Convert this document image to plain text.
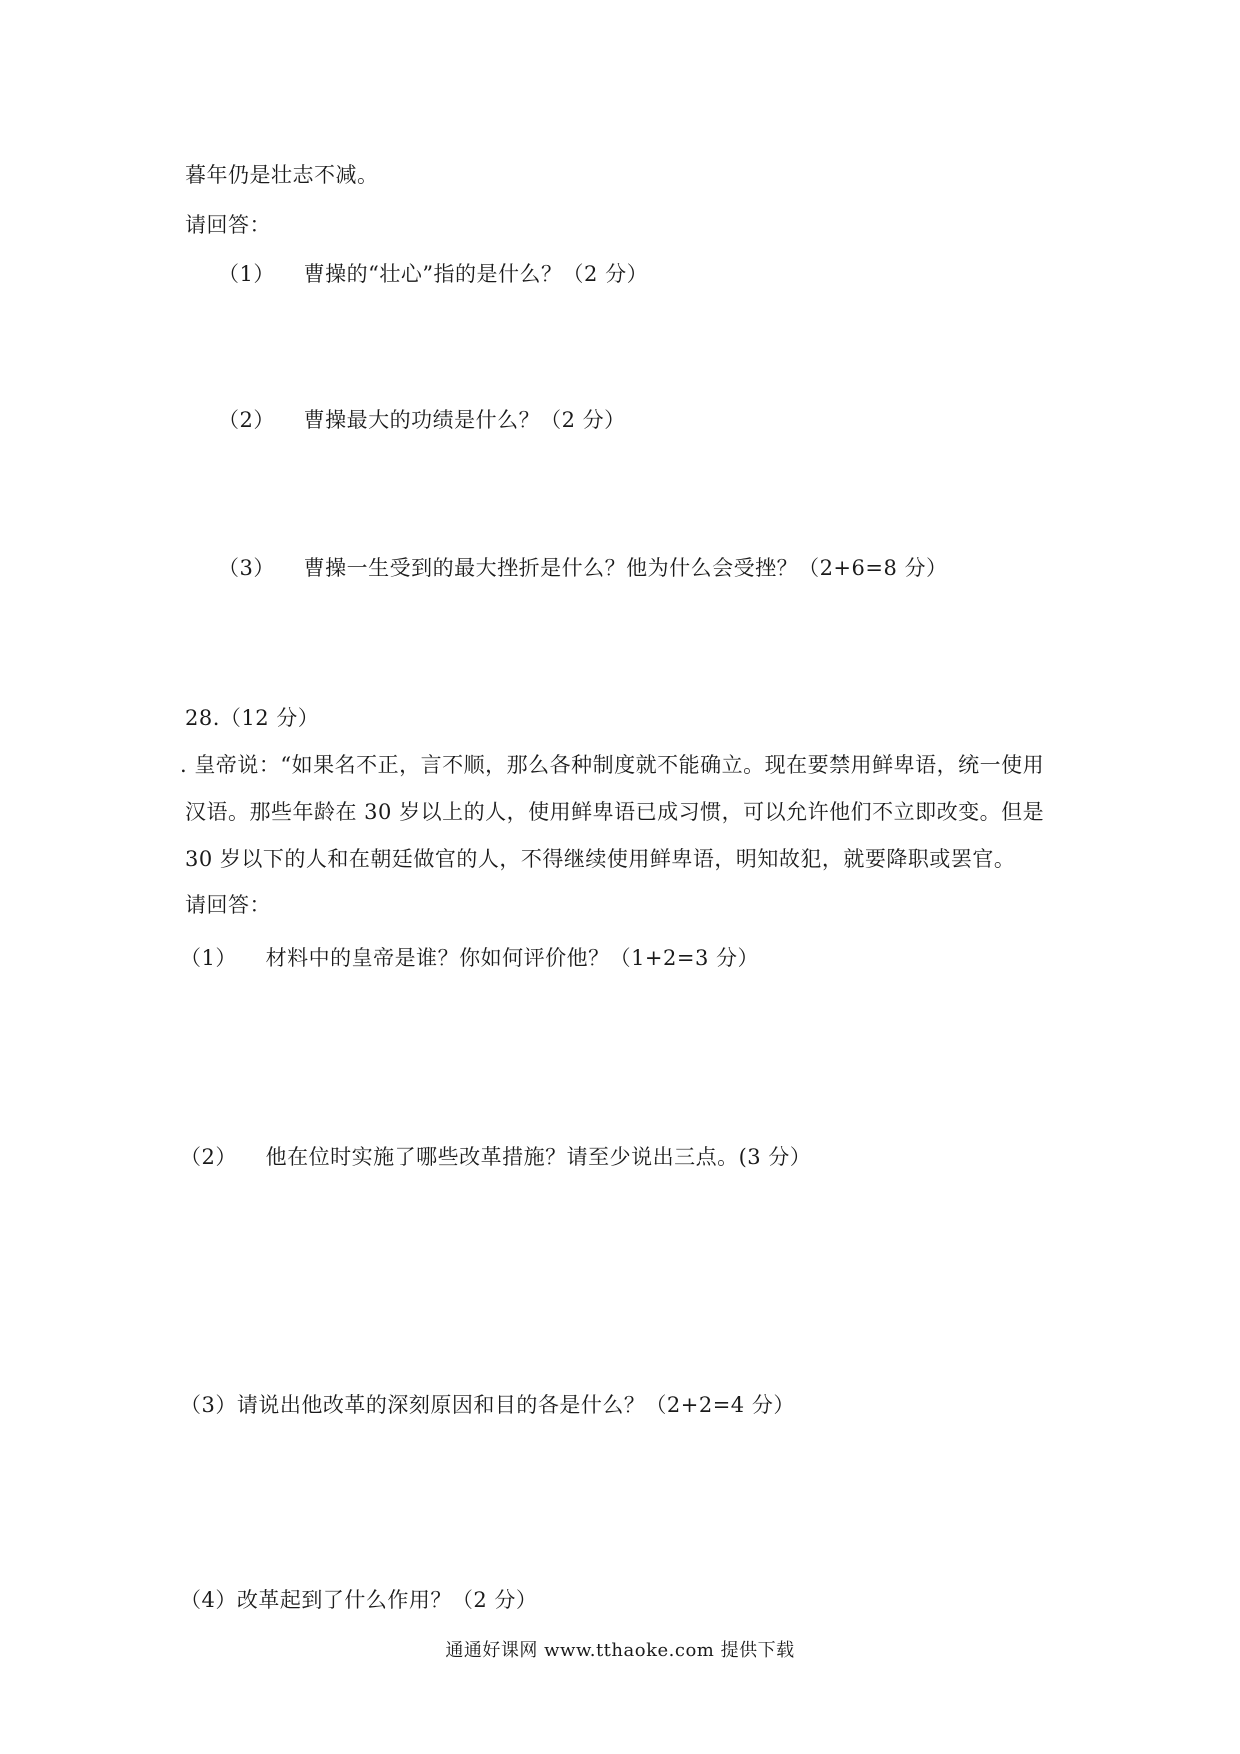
暮年仍是壮志不减。
请回答：
（1） 曹操的“壮心”指的是什么？（2 分）
（2） 曹操最大的功绩是什么？（2 分）
（3） 曹操一生受到的最大挫折是什么？他为什么会受挫？（2+6=8 分）
28.（12 分）
. 皇帝说：“如果名不正，言不顺，那么各种制度就不能确立。现在要禁用鲜卑语，统一使用
汉语。那些年龄在 30 岁以上的人，使用鲜卑语已成习惯，可以允许他们不立即改变。但是
30 岁以下的人和在朝廷做官的人，不得继续使用鲜卑语，明知故犯，就要降职或罢官。
请回答：
（1） 材料中的皇帝是谁？你如何评价他？（1+2=3 分）
（2） 他在位时实施了哪些改革措施？请至少说出三点。(3 分）
（3）请说出他改革的深刻原因和目的各是什么？（2+2=4 分）
（4）改革起到了什么作用？（2 分）
通通好课网 www.tthaoke.com 提供下载
